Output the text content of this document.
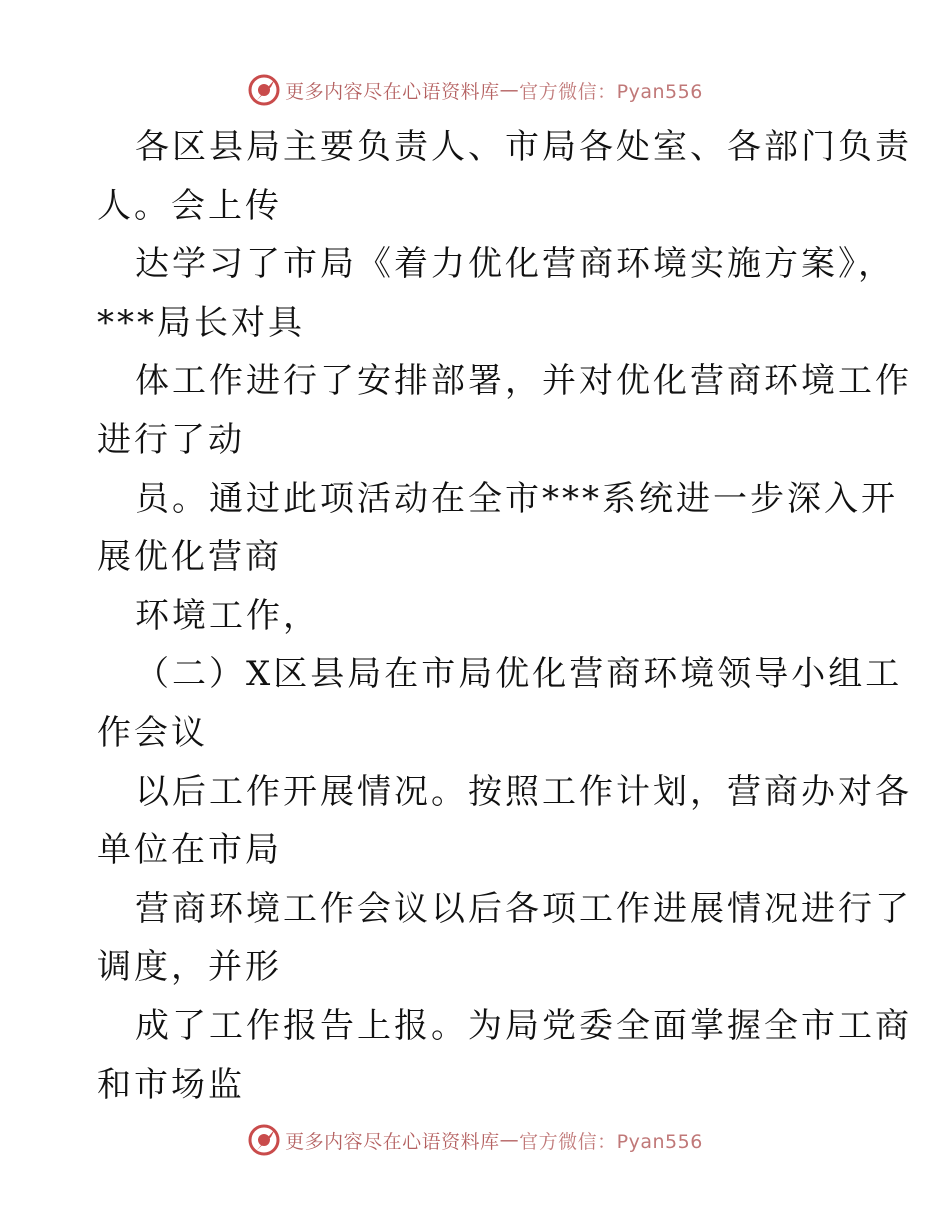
更多内容尽在心语资料库 — 官方微信：Pyan556
各区县局主要负责人、市局各处室、各部门负责
人。会上传
达学习了市局《着力优化营商环境实施方案》，
***局长对具
体工作进行了安排部署，并对优化营商环境工作
进行了动
员。通过此项活动在全市***系统进一步深入开
展优化营商
环境工作，
（二）X区县局在市局优化营商环境领导小组工
作会议
以后工作开展情况。按照工作计划，营商办对各
单位在市局
营商环境工作会议以后各项工作进展情况进行了
调度，并形
成了工作报告上报。为局党委全面掌握全市工商
和市场监
更多内容尽在心语资料库 — 官方微信：Pyan556
